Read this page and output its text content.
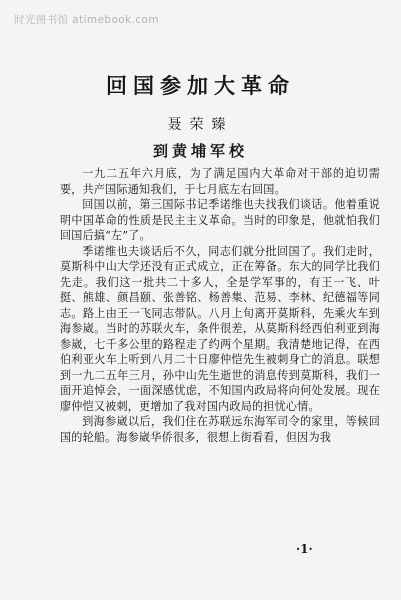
时光图书馆 atimebook.com
回国参加大革命
聂荣臻
到黄埔军校

一九二五年六月底，为了满足国内大革命对干部的迫切需要，共产国际通知我们，于七月底左右回国。

回国以前，第三国际书记季诺维也夫找我们谈话。他着重说明中国革命的性质是民主主义革命。当时的印象是，他就怕我们回国后搞“左”了。

季诺维也夫谈话后不久，同志们就分批回国了。我们走时，莫斯科中山大学还没有正式成立，正在筹备。东大的同学比我们先走。我们这一批共二十多人，全是学军事的，有王一飞、叶挺、熊雄、颜昌颐、张善铭、杨善集、范易、李林、纪德福等同志。路上由王一飞同志带队。八月上旬离开莫斯科，先乘火车到海参崴。当时的苏联火车，条件很差，从莫斯科经西伯利亚到海参崴，七千多公里的路程走了约两个星期。我清楚地记得，在西伯利亚火车上听到八月二十日廖仲恺先生被刺身亡的消息。联想到一九二五年三月，孙中山先生逝世的消息传到莫斯科，我们一面开追悼会，一面深感忧虑，不知国内政局将向何处发展。现在廖仲恺又被刺，更增加了我对国内政局的担忧心情。

到海参崴以后，我们住在苏联远东海军司令的家里，等候回国的轮船。海参崴华侨很多，很想上街看看，但因为我

·1·
